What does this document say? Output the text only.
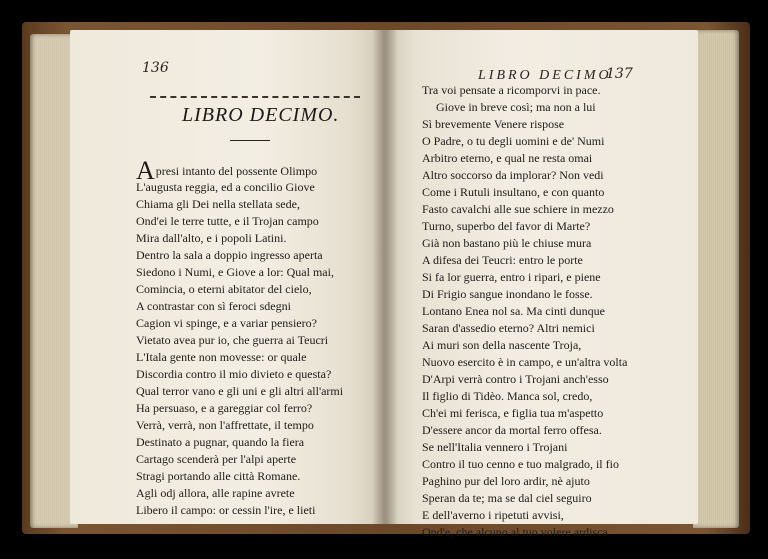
136
LIBRO DECIMO.
Apresi intanto del possente Olimpo
L'augusta reggia, ed a concilio Giove
Chiama gli Dei nella stellata sede,
Ond'ei le terre tutte, e il Trojan campo
Mira dall'alto, e i popoli Latini.
Dentro la sala a doppio ingresso aperta
Siedono i Numi, e Giove a lor: Qual mai,
Comincia, o eterni abitator del cielo,
A contrastar con sì feroci sdegni
Cagion vi spinge, e a variar pensiero?
Vietato avea pur io, che guerra ai Teucri
L'Itala gente non movesse: or quale
Discordia contro il mio divieto e questa?
Qual terror vano e gli uni e gli altri all'armi
Ha persuaso, e a gareggiar col ferro?
Verrà, verrà, non l'affrettate, il tempo
Destinato a pugnar, quando la fiera
Cartago scenderà per l'alpi aperte
Stragi portando alle città Romane.
Agli odj allora, alle rapine avrete
Libero il campo: or cessin l'ire, e lieti
LIBRO DECIMO
137
Tra voi pensate a ricomporvi in pace.
Giove in breve così; ma non a lui
Sì brevemente Venere rispose
O Padre, o tu degli uomini e de' Numi
Arbitro eterno, e qual ne resta omai
Altro soccorso da implorar? Non vedi
Come i Rutuli insultano, e con quanto
Fasto cavalchi alle sue schiere in mezzo
Turno, superbo del favor di Marte?
Già non bastano più le chiuse mura
A difesa dei Teucri: entro le porte
Si fa lor guerra, entro i ripari, e piene
Di Frigio sangue inondano le fosse.
Lontano Enea nol sa. Ma cinti dunque
Saran d'assedio eterno? Altri nemici
Ai muri son della nascente Troja,
Nuovo esercito è in campo, e un'altra volta
D'Arpi verrà contro i Trojani anch'esso
Il figlio di Tidèo. Manca sol, credo,
Ch'ei mi ferisca, e figlia tua m'aspetto
D'essere ancor da mortal ferro offesa.
Se nell'Italia vennero i Trojani
Contro il tuo cenno e tuo malgrado, il fio
Paghino pur del loro ardir, nè ajuto
Speran da te; ma se dal ciel seguiro
E dell'averno i ripetuti avvisi,
Ond'e, che alcuno al tuo volere ardisca
